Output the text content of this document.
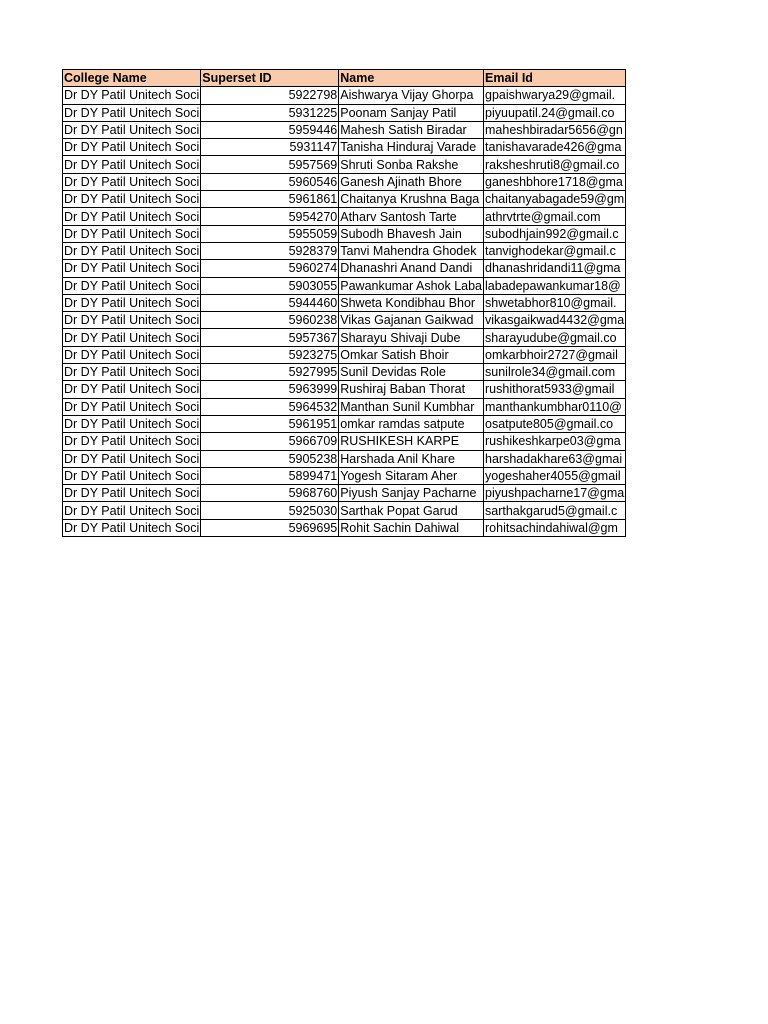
College Name	Superset ID	Name	Email Id
Dr DY Patil Unitech Soci	5922798	Aishwarya Vijay Ghorpa	gpaishwarya29@gmail.
Dr DY Patil Unitech Soci	5931225	Poonam Sanjay Patil	piyuupatil.24@gmail.co
Dr DY Patil Unitech Soci	5959446	Mahesh Satish Biradar	maheshbiradar5656@gn
Dr DY Patil Unitech Soci	5931147	Tanisha Hinduraj Varade	tanishavarade426@gma
Dr DY Patil Unitech Soci	5957569	Shruti Sonba Rakshe	raksheshruti8@gmail.co
Dr DY Patil Unitech Soci	5960546	Ganesh Ajinath Bhore	ganeshbhore1718@gma
Dr DY Patil Unitech Soci	5961861	Chaitanya Krushna Baga	chaitanyabagade59@gm
Dr DY Patil Unitech Soci	5954270	Atharv Santosh Tarte	athrvtrte@gmail.com
Dr DY Patil Unitech Soci	5955059	Subodh Bhavesh Jain	subodhjain992@gmail.c
Dr DY Patil Unitech Soci	5928379	Tanvi Mahendra Ghodek	tanvighodekar@gmail.c
Dr DY Patil Unitech Soci	5960274	Dhanashri Anand Dandi	dhanashridandi11@gma
Dr DY Patil Unitech Soci	5903055	Pawankumar Ashok Laba	labadepawankumar18@
Dr DY Patil Unitech Soci	5944460	Shweta Kondibhau Bhor	shwetabhor810@gmail.
Dr DY Patil Unitech Soci	5960238	Vikas Gajanan Gaikwad	vikasgaikwad4432@gma
Dr DY Patil Unitech Soci	5957367	Sharayu Shivaji Dube	sharayudube@gmail.co
Dr DY Patil Unitech Soci	5923275	Omkar Satish Bhoir	omkarbhoir2727@gmail
Dr DY Patil Unitech Soci	5927995	Sunil Devidas Role	sunilrole34@gmail.com
Dr DY Patil Unitech Soci	5963999	Rushiraj Baban Thorat	rushithorat5933@gmail
Dr DY Patil Unitech Soci	5964532	Manthan Sunil Kumbhar	manthankumbhar0110@
Dr DY Patil Unitech Soci	5961951	omkar ramdas satpute	osatpute805@gmail.co
Dr DY Patil Unitech Soci	5966709	RUSHIKESH KARPE	rushikeshkarpe03@gma
Dr DY Patil Unitech Soci	5905238	Harshada Anil Khare	harshadakhare63@gmai
Dr DY Patil Unitech Soci	5899471	Yogesh Sitaram Aher	yogeshaher4055@gmail
Dr DY Patil Unitech Soci	5968760	Piyush Sanjay Pacharne	piyushpacharne17@gma
Dr DY Patil Unitech Soci	5925030	Sarthak Popat Garud	sarthakgarud5@gmail.c
Dr DY Patil Unitech Soci	5969695	Rohit Sachin Dahiwal	rohitsachindahiwal@gm
